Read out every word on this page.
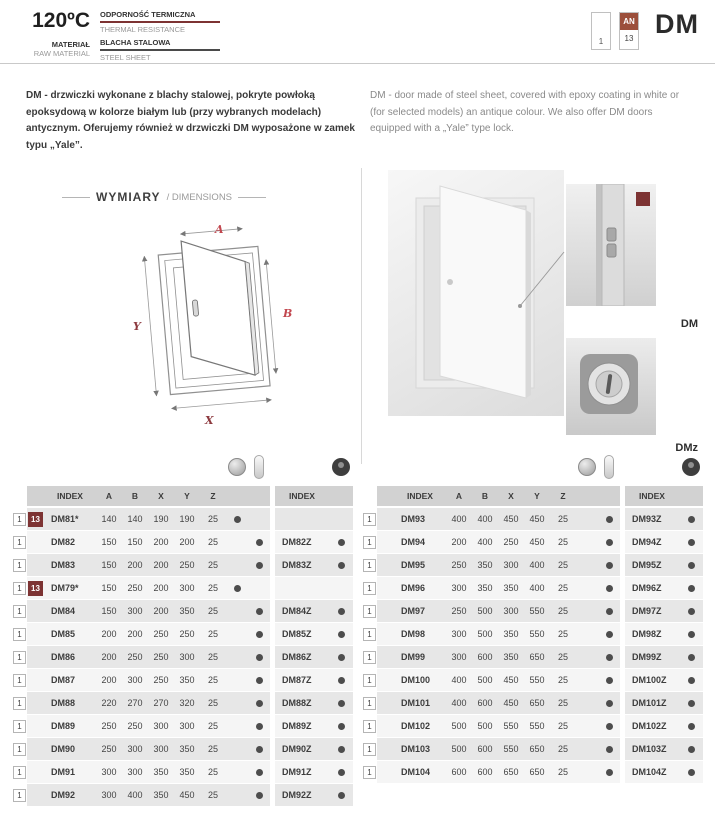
120ºC
MATERIAŁ
RAW MATERIAL
ODPORNOŚĆ TERMICZNA
THERMAL RESISTANCE
BLACHA STALOWA
STEEL SHEET
1
AN
13 DM

DM - drzwiczki wykonane z blachy stalowej, pokryte powłoką epoksydową w kolorze białym lub (przy wybranych modelach) antycznym. Oferujemy również w drzwiczki DM wyposażone w zamek typu „Yale”.

DM - door made of steel sheet, covered with epoxy coating in white or (for selected models) an antique colour. We also offer DM doors equipped with a „Yale” type lock.

WYMIARY / DIMENSIONS
A
B
X
Y	DM
DMz
INDEX	A	B	X	Y	Z	INDEX
1	13	DM81*	140	140	190	190	25
1	DM82	150	150	200	200	25	DM82Z
1	DM83	150	200	200	250	25	DM83Z
1	13	DM79*	150	250	200	300	25
1	DM84	150	300	200	350	25	DM84Z
1	DM85	200	200	250	250	25	DM85Z
1	DM86	200	250	250	300	25	DM86Z
1	DM87	200	300	250	350	25	DM87Z
1	DM88	220	270	270	320	25	DM88Z
1	DM89	250	250	300	300	25	DM89Z
1	DM90	250	300	300	350	25	DM90Z
1	DM91	300	300	350	350	25	DM91Z
1	DM92	300	400	350	450	25	DM92Z
INDEX	A	B	X	Y	Z	INDEX
1	DM93	400	400	450	450	25	DM93Z
1	DM94	200	400	250	450	25	DM94Z
1	DM95	250	350	300	400	25	DM95Z
1	DM96	300	350	350	400	25	DM96Z
1	DM97	250	500	300	550	25	DM97Z
1	DM98	300	500	350	550	25	DM98Z
1	DM99	300	600	350	650	25	DM99Z
1	DM100	400	500	450	550	25	DM100Z
1	DM101	400	600	450	650	25	DM101Z
1	DM102	500	500	550	550	25	DM102Z
1	DM103	500	600	550	650	25	DM103Z
1	DM104	600	600	650	650	25	DM104Z
